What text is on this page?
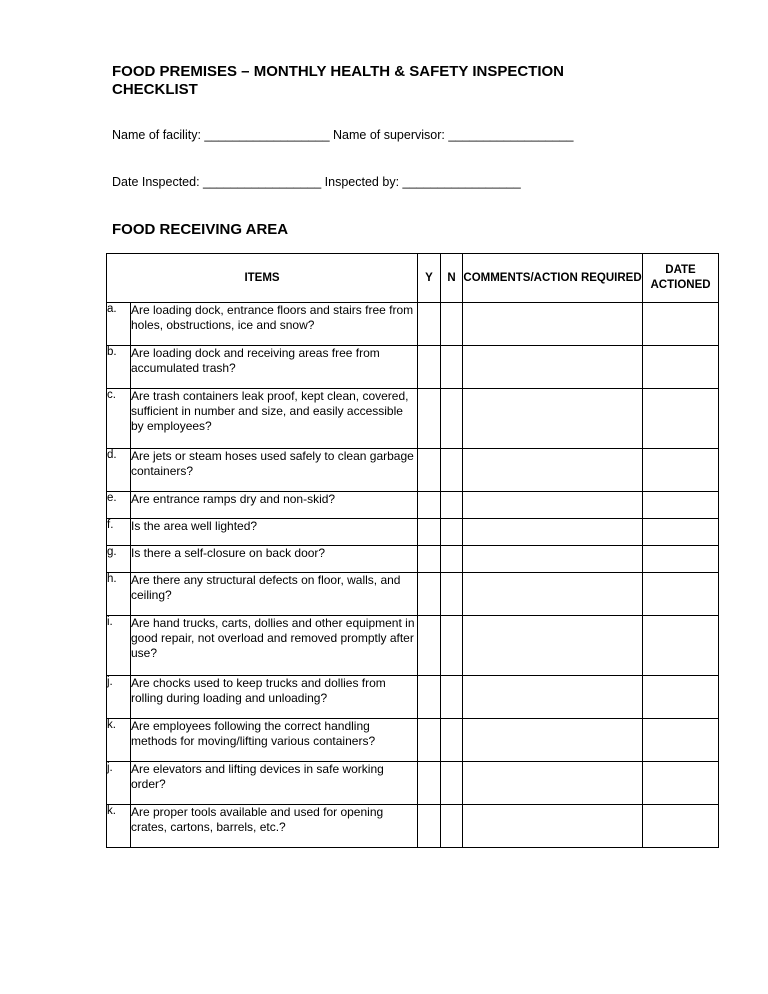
FOOD PREMISES – MONTHLY HEALTH & SAFETY INSPECTION CHECKLIST
Name of facility: __________________ Name of supervisor: __________________
Date Inspected: _________________ Inspected by: _________________
FOOD RECEIVING AREA
ITEMS		Y	N	COMMENTS/ACTION REQUIRED	DATE ACTIONED
a.	Are loading dock, entrance floors and stairs free from holes, obstructions, ice and snow?				
b.	Are loading dock and receiving areas free from accumulated trash?				
c.	Are trash containers leak proof, kept clean, covered, sufficient in number and size, and easily accessible by employees?				
d.	Are jets or steam hoses used safely to clean garbage containers?				
e.	Are entrance ramps dry and non-skid?				
f.	Is the area well lighted?				
g.	Is there a self-closure on back door?				
h.	Are there any structural defects on floor, walls, and ceiling?				
i.	Are hand trucks, carts, dollies and other equipment in good repair, not overload and removed promptly after use?				
j.	Are chocks used to keep trucks and dollies from rolling during loading and unloading?				
k.	Are employees following the correct handling methods for moving/lifting various containers?				
j.	Are elevators and lifting devices in safe working order?				
k.	Are proper tools available and used for opening crates, cartons, barrels, etc.?				
